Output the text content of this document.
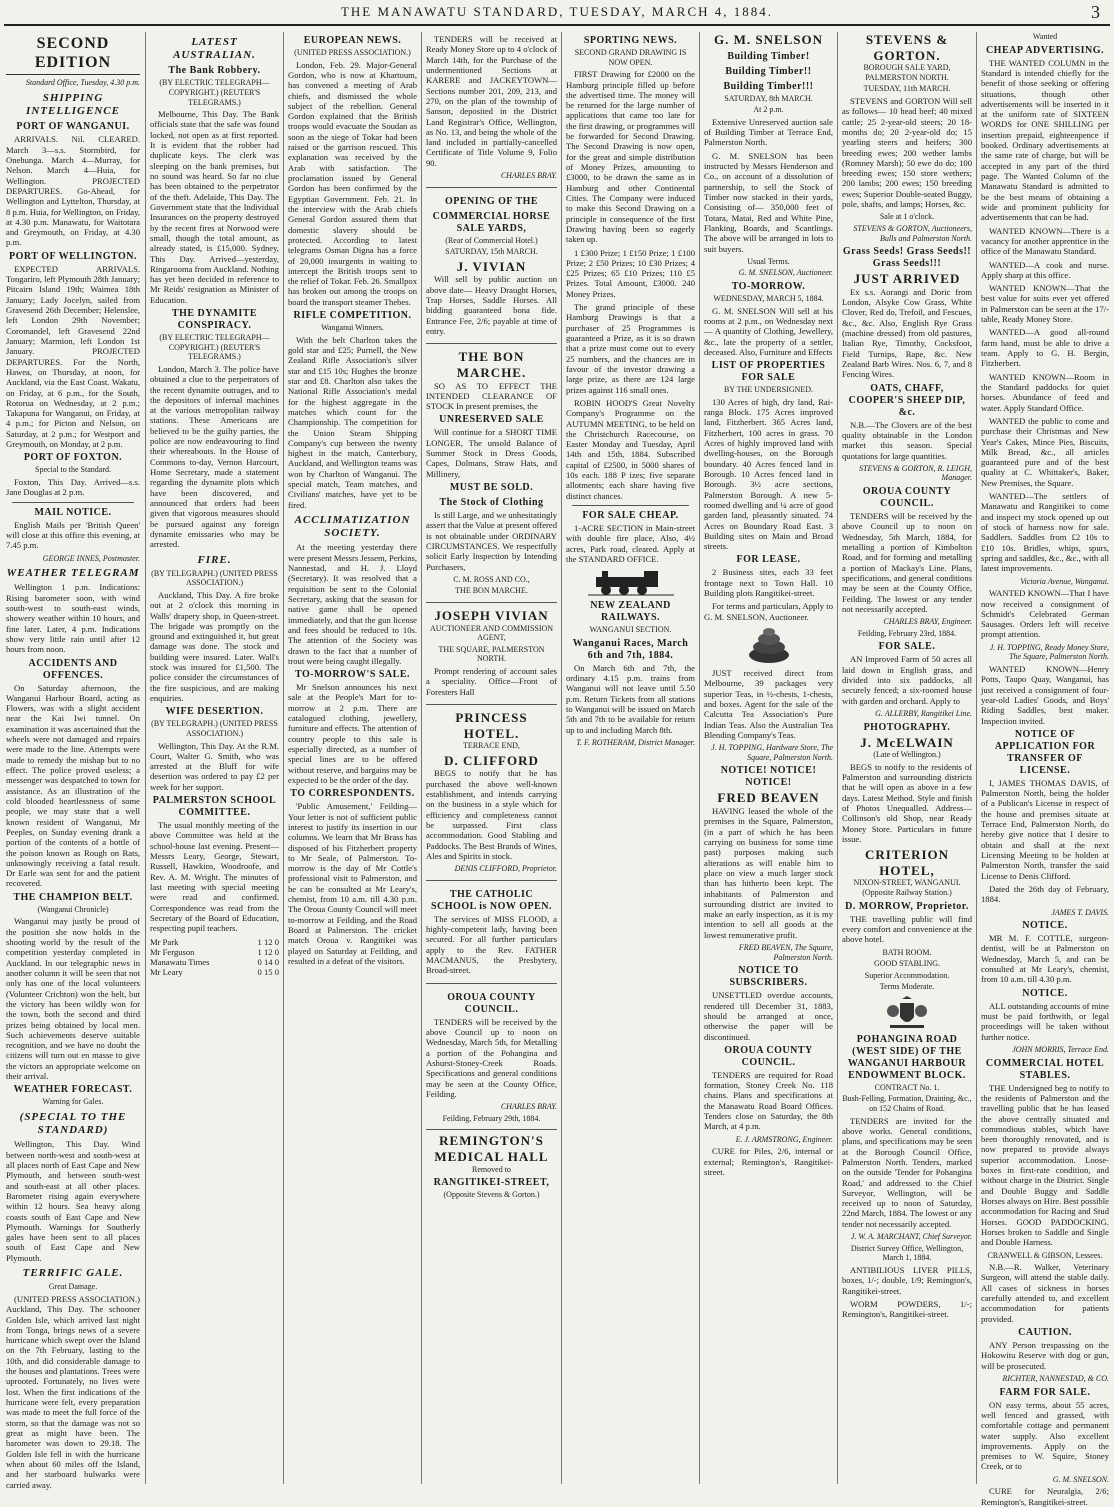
THE MANAWATU STANDARD, TUESDAY, MARCH 4, 1884.	3
SECOND EDITION
Standard Office, Tuesday, 4.30 p.m.
SHIPPING INTELLIGENCE
PORT OF WANGANUI.

ARRIVALS. Nil. CLEARED. March 3—s.s. Stormbird, for Onehunga. March 4—Murray, for Nelson. March 4—Huia, for Wellington. PROJECTED DEPARTURES. Go-Ahead, for Wellington and Lyttelton, Thursday, at 8 p.m. Huia, for Wellington, on Friday, at 4.30 p.m. Manawatu, for Waitotara and Greymouth, on Friday, at 4.30 p.m.

PORT OF WELLINGTON.

EXPECTED ARRIVALS. Tongariro, left Plymouth 28th January; Pitcairn Island 19th; Waimea 18th January; Lady Jocelyn, sailed from Gravesend 26th December; Helenslee, left London 29th November; Coromandel, left Gravesend 22nd January; Marmion, left London 1st January. PROJECTED DEPARTURES. For the North, Hawea, on Thursday, at noon, for Auckland, via the East Coast. Wakatu, on Friday, at 6 p.m., for the South, Rotorua on Wednesday, at 2 p.m.; Takapuna for Wanganui, on Friday, at 4 p.m.; for Picton and Nelson, on Saturday, at 2 p.m.; for Westport and Greymouth, on Monday, at 2 p.m.

PORT OF FOXTON.
Special to the Standard.

Foxton, This Day. Arrived—s.s. Jane Douglas at 2 p.m.

MAIL NOTICE.

English Mails per 'British Queen' will close at this office this evening, at 7.45 p.m.

GEORGE INNES, Postmaster.
WEATHER TELEGRAM

Wellington 1 p.m. Indications: Rising barometer soon, with wind south-west to south-east winds, showery weather within 10 hours, and fine later. Later, 4 p.m. Indications show very little rain until after 12 hours from noon.

ACCIDENTS AND OFFENCES.

On Saturday afternoon, the Wanganui Harbour Board, acting as Flowers, was with a slight accident near the Kai Iwi tunnel. On examination it was ascertained that the wheels were not damaged and repairs were made to the line. Attempts were made to remedy the mishap but to no effect. The police proved useless; a messenger was despatched to town for assistance. As an illustration of the cold blooded heartlessness of some people, we may state that a well known resident of Wanganui, Mr Peeples, on Sunday evening drank a portion of the contents of a bottle of the poison known as Rough on Rats, unknowingly receiving a fatal result. Dr Earle was sent for and the patient recovered.

THE CHAMPION BELT.
(Wanganui Chronicle)

Wanganui may justly be proud of the position she now holds in the shooting world by the result of the competition yesterday completed in Auckland. In our telegraphic news in another column it will be seen that not only has one of the local volunteers (Volunteer Crichton) won the belt, but the victory has been wildly won for the town, both the second and third prizes being obtained by local men. Such achievements deserve suitable recognition, and we have no doubt the citizens will turn out en masse to give the victors an appropriate welcome on their arrival.

WEATHER FORECAST.
Warning for Gales.
(SPECIAL TO THE STANDARD)

Wellington, This Day. Wind between north-west and south-west at all places north of East Cape and New Plymouth, and between south-west and south-east at all other places. Barometer rising again everywhere within 12 hours. Sea heavy along coasts south of East Cape and New Plymouth. Warnings for Southerly gales have been sent to all places south of East Cape and New Plymouth.

TERRIFIC GALE.
Great Damage.

(UNITED PRESS ASSOCIATION.) Auckland, This Day. The schooner Golden Isle, which arrived last night from Tonga, brings news of a severe hurricane which swept over the Island on the 7th February, lasting to the 10th, and did considerable damage to the houses and plantations. Trees were uprooted. Fortunately, no lives were lost. When the first indications of the hurricane were felt, every preparation was made to meet the full force of the storm, so that the damage was not so great as might have been. The barometer was down to 29.18. The Golden Isle fell in with the hurricane when about 60 miles off the Island, and her starboard bulwarks were carried away.

LATEST AUSTRALIAN.
The Bank Robbery.
(BY ELECTRIC TELEGRAPH—COPYRIGHT.) (REUTER'S TELEGRAMS.)

Melbourne, This Day. The Bank officials state that the safe was found locked, not open as at first reported. It is evident that the robber had duplicate keys. The clerk was sleeping on the bank premises, but no sound was heard. So far no clue has been obtained to the perpetrator of the theft. Adelaide, This Day. The Government state that the Individual Insurances on the property destroyed by the recent fires at Norwood were small, though the total amount, as already stated, is £15,000. Sydney, This Day. Arrived—yesterday, Ringarooma from Auckland. Nothing has yet been decided in reference to Mr Reids' resignation as Minister of Education.

THE DYNAMITE CONSPIRACY.
(BY ELECTRIC TELEGRAPH—COPYRIGHT.) (REUTER'S TELEGRAMS.)

London, March 3. The police have obtained a clue to the perpetrators of the recent dynamite outrages, and to the depositors of infernal machines at the various metropolitan railway stations. These Americans are believed to be the guilty parties, the police are now endeavouring to find their whereabouts. In the House of Commons to-day, Vernon Harcourt, Home Secretary, made a statement regarding the dynamite plots which have been discovered, and announced that orders had been given that vigorous measures should be pursued against any foreign dynamite emissaries who may be arrested.

FIRE.
(BY TELEGRAPH.) (UNITED PRESS ASSOCIATION.)

Auckland, This Day. A fire broke out at 2 o'clock this morning in Walls' drapery shop, in Queen-street. The brigade was promptly on the ground and extinguished it, but great damage was done. The stock and building were insured. Later. Wall's stock was insured for £1,500. The police consider the circumstances of the fire suspicious, and are making enquiries.

WIFE DESERTION.
(BY TELEGRAPH.) (UNITED PRESS ASSOCIATION.)

Wellington, This Day. At the R.M. Court, Walter G. Smith, who was arrested at the Bluff for wife desertion was ordered to pay £2 per week for her support.

PALMERSTON SCHOOL COMMITTEE.

The usual monthly meeting of the above Committee was held at the school-house last evening. Present—Messrs Leary, George, Stewart, Russell, Hawkins, Woodroofe, and Rev. A. M. Wright. The minutes of last meeting with special meeting were read and confirmed. Correspondence was read from the Secretary of the Board of Education, respecting pupil teachers.

Mr Park	1 12 0
Mr Ferguson	1 12 0
Manawatu Times	0 14 0
Mr Leary	0 15 0
EUROPEAN NEWS.
(UNITED PRESS ASSOCIATION.)

London, Feb. 29. Major-General Gordon, who is now at Khartoum, has convened a meeting of Arab chiefs, and dismissed the whole subject of the rebellion. General Gordon explained that the British troops would evacuate the Soudan as soon as the siege of Tokar had been raised or the garrison rescued. This explanation was received by the Arab with satisfaction. The proclamation issued by General Gordon has been confirmed by the Egyptian Government. Feb. 21. In the interview with the Arab chiefs General Gordon assured them that domestic slavery should be protected. According to latest telegrams Osman Digna has a force of 20,000 insurgents in waiting to intercept the British troops sent to the relief of Tokar. Feb. 26. Smallpox has broken out among the troops on board the transport steamer Thebes.

RIFLE COMPETITION.
Wanganui Winners.

With the belt Charlton takes the gold star and £25; Purnell, the New Zealand Rifle Association's silver star and £15 10s; Hughes the bronze star and £8. Charlton also takes the National Rifle Association's medal for the highest aggregate in the matches which count for the Championship. The competition for the Union Steam Shipping Company's cup between the twenty highest in the match, Canterbury, Auckland, and Wellington teams was won by Charlton of Wanganui. The special match, Team matches, and Civilians' matches, have yet to be fired.

ACCLIMATIZATION SOCIETY.

At the meeting yesterday there were present Messrs Jessem, Perkins, Nannestad, and H. J. Lloyd (Secretary). It was resolved that a requisition be sent to the Colonial Secretary, asking that the season for native game shall be opened immediately, and that the gun license and fees should be reduced to 10s. The attention of the Society was drawn to the fact that a number of trout were being caught illegally.

TO-MORROW'S SALE.

Mr Snelson announces his next sale at the People's Mart for to-morrow at 2 p.m. There are catalogued clothing, jewellery, furniture and effects. The attention of country people to this sale is especially directed, as a number of special lines are to be offered without reserve, and bargains may be expected to be the order of the day.

TO CORRESPONDENTS.

'Public Amusement,' Feilding—Your letter is not of sufficient public interest to justify its insertion in our columns. We learn that Mr Brass has disposed of his Fitzherbert property to Mr Seale, of Palmerston. To-morrow is the day of Mr Cottle's professional visit to Palmerston, and he can be consulted at Mr Leary's, chemist, from 10 a.m. till 4.30 p.m. The Oroua County Council will meet to-morrow at Feilding, and the Road Board at Palmerston. The cricket match Oroua v. Rangitikei was played on Saturday at Feilding, and resulted in a defeat of the visitors.

TENDERS will be received at Ready Money Store up to 4 o'clock of March 14th, for the Purchase of the undermentioned Sections at KARERE and JACKEYTOWN—Sections number 201, 209, 213, and 270, on the plan of the township of Sanson, deposited in the District Land Registrar's Office, Wellington, as No. 13, and being the whole of the land included in partially-cancelled Certificate of Title Volume 9, Folio 90.

CHARLES BRAY.
OPENING OF THE
COMMERCIAL HORSE SALE YARDS,
(Rear of Commercial Hotel.)
SATURDAY, 15th MARCH.
J. VIVIAN

Will sell by public auction on above date— Heavy Draught Horses, Trap Horses, Saddle Horses. All bidding guaranteed bona fide. Entrance Fee, 2/6; payable at time of entry.

THE BON MARCHE.

SO AS TO EFFECT THE INTENDED CLEARANCE OF STOCK In present premises, the

UNRESERVED SALE

Will continue for a SHORT TIME LONGER, The unsold Balance of Summer Stock in Dress Goods, Capes, Dolmans, Straw Hats, and Millinery,

MUST BE SOLD.
The Stock of Clothing

Is still Large, and we unhesitatingly assert that the Value at present offered is not obtainable under ORDINARY CIRCUMSTANCES. We respectfully solicit Early Inspection by Intending Purchasers,

C. M. ROSS AND CO.,
THE BON MARCHE.
JOSEPH VIVIAN
AUCTIONEER AND COMMISSION AGENT,
THE SQUARE, PALMERSTON NORTH.

Prompt rendering of account sales a speciality. Office—Front of Foresters Hall

PRINCESS HOTEL.
TERRACE END,
D. CLIFFORD

BEGS to notify that he has purchased the above well-known establishment, and intends carrying on the business in a style which for efficiency and completeness cannot be surpassed. First class accommodation. Good Stabling and Paddocks. The Best Brands of Wines, Ales and Spirits in stock.

DENIS CLIFFORD, Proprietor.
THE CATHOLIC SCHOOL is NOW OPEN.

The services of MISS FLOOD, a highly-competent lady, having been secured. For all further particulars apply to the Rev. FATHER MACMANUS, the Presbytery, Broad-street.

OROUA COUNTY COUNCIL.

TENDERS will be received by the above Council up to noon on Wednesday, March 5th, for Metalling a portion of the Pohangina and Ashurst-Stoney-Creek Roads. Specifications and general conditions may be seen at the County Office, Feilding.

CHARLES BRAY.
Feilding, February 29th, 1884.
REMINGTON'S MEDICAL HALL
Removed to
RANGITIKEI-STREET,
(Opposite Stevens & Gorton.)
SPORTING NEWS.
SECOND GRAND DRAWING IS NOW OPEN.

FIRST Drawing for £2000 on the Hamburg principle filled up before the advertised time. The money will be returned for the large number of applications that came too late for the first drawing, or programmes will be forwarded for Second Drawing. The Second Drawing is now open, for the great and simple distribution of Money Prizes, amounting to £3000, to be drawn the same as in Hamburg and other Continental Cities. The Company were induced to make this Second Drawing on a principle in consequence of the first Drawing having been so eagerly taken up.

1 £300 Prize; 1 £150 Prize; 1 £100 Prize; 2 £50 Prizes; 10 £30 Prizes; 4 £25 Prizes; 65 £10 Prizes; 110 £5 Prizes. Total Amount, £3000. 240 Money Prizes.

The grand principle of these Hamburg Drawings is that a purchaser of 25 Programmes is guaranteed a Prize, as it is so drawn that a prize must come out to every 25 numbers, and the chances are in favour of the investor drawing a large prize, as there are 124 large prizes against 116 small ones.

ROBIN HOOD'S Great Novelty Company's Programme on the AUTUMN MEETING, to be held on the Christchurch Racecourse, on Easter Monday and Tuesday, April 14th and 15th, 1884. Subscribed capital of £2500, in 5000 shares of 10s each. 188 P izes; five separate allotments; each share having five distinct chances.

FOR SALE CHEAP.

1-ACRE SECTION in Main-street with double fire place, Also, 4½ acres, Park road, cleared. Apply at the STANDARD OFFICE.

NEW ZEALAND RAILWAYS.
WANGANUI SECTION.
Wanganui Races, March 6th and 7th, 1884.

On March 6th and 7th, the ordinary 4.15 p.m. trains from Wanganui will not leave until 5.50 p.m. Return Tickets from all stations to Wanganui will be issued on March 5th and 7th to be available for return up to and including March 8th.

T. F. ROTHERAM, District Manager.
G. M. SNELSON
Building Timber!
Building Timber!!
Building Timber!!!
SATURDAY, 8th MARCH.
At 2 p.m.

Extensive Unreserved auction sale of Building Timber at Terrace End, Palmerston North.

G. M. SNELSON has been instructed by Messrs Henderson and Co., on account of a dissolution of partnership, to sell the Stock of Timber now stacked in their yards, Consisting of— 350,000 feet of Totara, Matai, Red and White Pine, Flanking, Boards, and Scantlings. The above will be arranged in lots to suit buyers.

Usual Terms.
G. M. SNELSON, Auctioneer.
TO-MORROW.
WEDNESDAY, MARCH 5, 1884.

G. M. SNELSON Will sell at his rooms at 2 p.m., on Wednesday next— A quantity of Clothing, Jewellery, &c., late the property of a settler, deceased. Also, Furniture and Effects

LIST OF PROPERTIES FOR SALE
BY THE UNDERSIGNED.

130 Acres of high, dry land, Rai-ranga Block. 175 Acres improved land, Fitzherbert. 365 Acres land, Fitzherbert, 100 acres in grass. 70 Acres of highly improved land with dwelling-houses, on the Borough boundary. 40 Acres fenced land in Borough. 10 Acres fenced land in Borough. 3½ acre sections, Palmerston Borough. A new 5-roomed dwelling and ¼ acre of good garden land, pleasantly situated. 74 Acres on Boundary Road East. 3 Building sites on Main and Broad streets.

FOR LEASE.

2 Business sites, each 33 feet frontage next to Town Hall. 10 Building plots Rangitikei-street.

For terms and particulars, Apply to G. M. SNELSON, Auctioneer.

JUST received direct from Melbourne, 39 packages very superior Teas, in ½-chests, 1-chests, and boxes. Agent for the sale of the Calcutta Tea Association's Pure Indian Teas. Also the Australian Tea Blending Company's Teas.

J. H. TOPPING, Hardware Store, The Square, Palmerston North.
NOTICE! NOTICE! NOTICE!
FRED BEAVEN

HAVING leased the whole of the premises in the Square, Palmerston, (in a part of which he has been carrying on business for some time past) purposes making such alterations as will enable him to place on view a much larger stock than has hitherto been kept. The inhabitants of Palmerston and surrounding district are invited to make an early inspection, as it is my intention to sell all goods at the lowest remunerative profit.

FRED BEAVEN, The Square, Palmerston North.
NOTICE TO SUBSCRIBERS.

UNSETTLED overdue accounts, rendered till December 31, 1883, should be arranged at once, otherwise the paper will be discontinued.

OROUA COUNTY COUNCIL.

TENDERS are required for Road formation, Stoney Creek No. 118 chains. Plans and specifications at the Manawatu Road Board Offices. Tenders close on Saturday, the 8th March, at 4 p.m.

E. J. ARMSTRONG, Engineer.

CURE for Piles, 2/6, internal or external; Remington's, Rangitikei-street.

STEVENS & GORTON.
BOROUGH SALE YARD, PALMERSTON NORTH.
TUESDAY, 11th MARCH.

STEVENS and GORTON Will sell as follows— 10 head beef; 40 mixed cattle; 25 2-year-old steers; 20 18-months do; 20 2-year-old do; 15 yearling steers and heifers; 300 breeding ewes; 200 wether lambs (Romney Marsh); 50 ewe do do; 100 breeding ewes; 150 store wethers; 200 lambs; 200 ewes; 150 breeding ewes; Superior Double-seated Buggy, pole, shafts, and lamps; Horses, &c.

Sale at 1 o'clock.
STEVENS & GORTON, Auctioneers, Bulls and Palmerston North.
Grass Seeds! Grass Seeds!! Grass Seeds!!!
JUST ARRIVED

Ex s.s. Aorangi and Doric from London, Alsyke Cow Grass, White Clover, Red do, Trefoil, and Fescues, &c., &c. Also, English Rye Grass (machine dressed) from old pastures, Italian Rye, Timothy, Cocksfoot, Field Turnips, Rape, &c. New Zealand Barb Wires. Nos. 6, 7, and 8 Fencing Wires.

OATS, CHAFF, COOPER'S SHEEP DIP, &c.

N.B.—The Clovers are of the best quality obtainable in the London market this season. Special quotations for large quantities.

STEVENS & GORTON, R. LEIGH, Manager.
OROUA COUNTY COUNCIL.

TENDERS will be received by the above Council up to noon on Wednesday, 5th March, 1884, for metalling a portion of Kimbolton Road, and for forming and metalling a portion of Mackay's Line. Plans, specifications, and general conditions may be seen at the County Office, Feilding. The lowest or any tender not necessarily accepted.

CHARLES BRAY, Engineer.
Feilding, February 23rd, 1884.
FOR SALE.

AN Improved Farm of 50 acres all laid down in English grass, and divided into six paddocks, all securely fenced; a six-roomed house with garden and orchard. Apply to

G. ALLERBY, Rangitikei Line.
PHOTOGRAPHY.
J. McELWAIN
(Late of Wellington.)

BEGS to notify to the residents of Palmerston and surrounding districts that he will open as above in a few days. Latest Method. Style and finish of Photos Unequalled. Address— Collinson's old Shop, near Ready Money Store. Particulars in future issue.

CRITERION HOTEL,
NIXON-STREET, WANGANUI. (Opposite Railway Station.)
D. MORROW, Proprietor.

THE travelling public will find every comfort and convenience at the above hotel.

BATH ROOM.
GOOD STABLING.
Superior Accommodation.
Terms Moderate.
POHANGINA ROAD (WEST SIDE) OF THE WANGANUI HARBOUR ENDOWMENT BLOCK.
CONTRACT No. 1.
Bush-Felling, Formation, Draining, &c., on 152 Chains of Road.

TENDERS are invited for the above works. General conditions, plans, and specifications may be seen at the Borough Council Office, Palmerston North. Tenders, marked on the outside 'Tender for Pohangina Road,' and addressed to the Chief Surveyor, Wellington, will be received up to noon of Saturday, 22nd March, 1884. The lowest or any tender not necessarily accepted.

J. W. A. MARCHANT, Chief Surveyor.
District Survey Office, Wellington, March 1, 1884.

ANTIBILIOUS LIVER PILLS, boxes, 1/-; double, 1/9; Remington's, Rangitikei-street.

WORM POWDERS, 1/-; Remington's, Rangitikei-street.

Wanted
CHEAP ADVERTISING.

THE WANTED COLUMN in the Standard is intended chiefly for the benefit of those seeking or offering situations, though other advertisements will be inserted in it at the uniform rate of SIXTEEN WORDS for ONE SHILLING per insertion prepaid, eighteenpence if booked. Ordinary advertisements at the same rate of charge, but will be accepted in any part of the third page. The Wanted Column of the Manawatu Standard is admitted to be the best means of obtaining a wide and prominent publicity for advertisements that can be had.

WANTED KNOWN—There is a vacancy for another apprentice in the office of the Manawatu Standard.

WANTED—A cook and nurse. Apply sharp at this office.

WANTED KNOWN—That the best value for suits ever yet offered in Palmerston can be seen at the 17/- table, Ready Money Store.

WANTED—A good all-round farm hand, must be able to drive a team. Apply to G. H. Bergin, Fitzherbert.

WANTED KNOWN—Room in the Standard paddocks for quiet horses. Abundance of feed and water. Apply Standard Office.

WANTED the public to come and purchase their Christmas and New Year's Cakes, Mince Pies, Biscuits, Milk Bread, &c., all articles guaranteed pure and of the best quality at C. Whittaker's, Baker, New Premises, the Square.

WANTED—The settlers of Manawatu and Rangitikei to come and inspect my stock opened up out of stock of harness now for sale. Saddlers. Saddles from £2 10s to £10 10s. Bridles, whips, spurs, spring and saddles, &c., &c., with all latest improvements.

Victoria Avenue, Wanganui.

WANTED KNOWN—That I have now received a consignment of Schmidt's Celebrated German Sausages. Orders left will receive prompt attention.

J. H. TOPPING, Ready Money Store, The Square, Palmerston North.

WANTED KNOWN—Henry Potts, Taupo Quay, Wanganui, has just received a consignment of four-year-old Ladies' Goods, and Boys' Riding Saddles, best maker. Inspection invited.

NOTICE OF APPLICATION FOR TRANSFER OF LICENSE.

I, JAMES THOMAS DAVIS, of Palmerston North, being the holder of a Publican's License in respect of the house and premises situate at Terrace End, Palmerston North, do hereby give notice that I desire to obtain and shall at the next Licensing Meeting to be holden at Palmerston North, transfer the said License to Denis Clifford.

Dated the 26th day of February, 1884.

JAMES T. DAVIS.
NOTICE.

MR M. F. COTTLE, surgeon-dentist, will be at Palmerston on Wednesday, March 5, and can be consulted at Mr Leary's, chemist, from 10 a.m. till 4.30 p.m.

NOTICE.

ALL outstanding accounts of mine must be paid forthwith, or legal proceedings will be taken without further notice.

JOHN MORRIS, Terrace End.
COMMERCIAL HOTEL STABLES.

THE Undersigned beg to notify to the residents of Palmerston and the travelling public that he has leased the above centrally situated and commodious stables, which have been thoroughly renovated, and is now prepared to provide always superior accommodation. Loose-boxes in first-rate condition, and without charge in the District. Single and Double Buggy and Saddle Horses always on Hire. Best possible accommodation for Racing and Stud Horses. GOOD PADDOCKING. Horses broken to Saddle and Single and Double Harness.

CRANWELL & GIBSON, Lessees.

N.B.—R. Walker, Veterinary Surgeon, will attend the stable daily. All cases of sickness in horses carefully attended to, and excellent accommodation for patients provided.

CAUTION.

ANY Person trespassing on the Hokowitu Reserve with dog or gun, will be prosecuted.

RICHTER, NANNESTAD, & CO.
FARM FOR SALE.

ON easy terms, about 55 acres, well fenced and grassed, with comfortable cottage and permanent water supply. Also excellent improvements. Apply on the premises to W. Squire, Stoney Creek, or to

G. M. SNELSON.

CURE for Neuralgia, 2/6; Remington's, Rangitikei-street.
